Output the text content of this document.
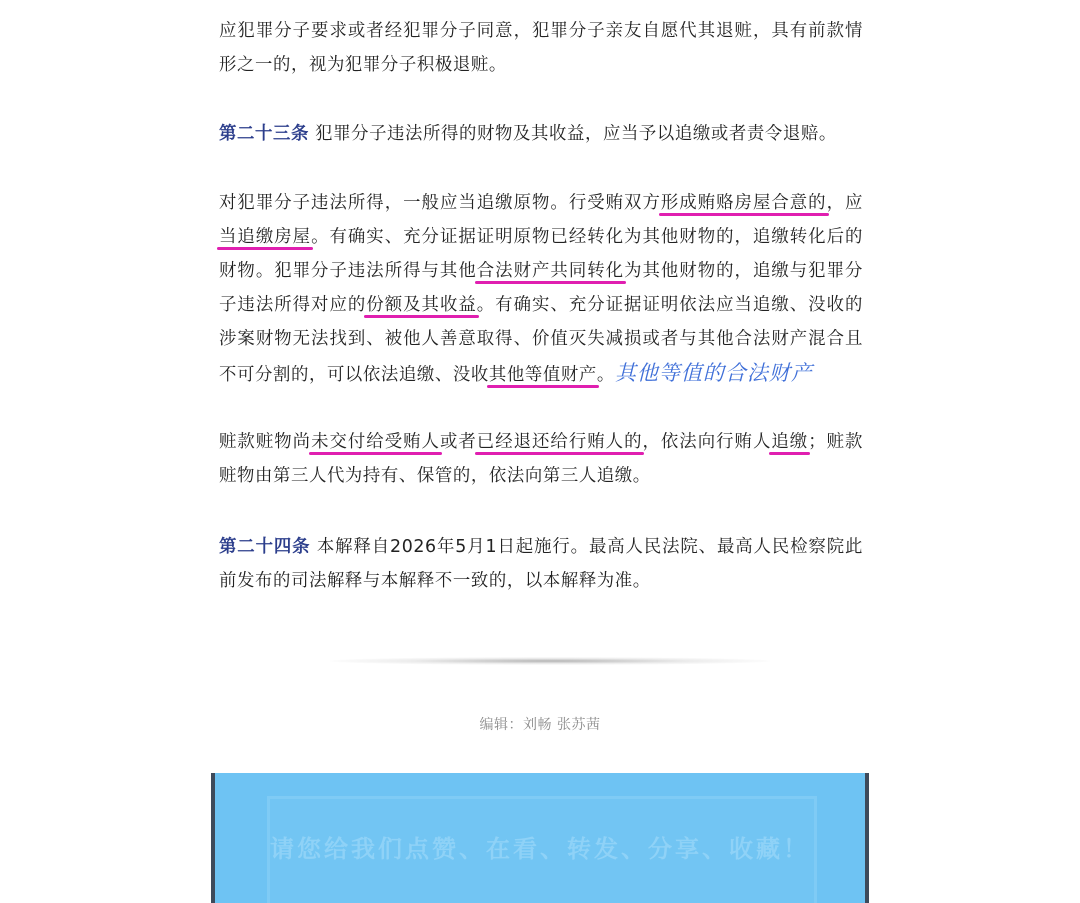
应犯罪分子要求或者经犯罪分子同意，犯罪分子亲友自愿代其退赃，具有前款情形之一的，视为犯罪分子积极退赃。

第二十三条 犯罪分子违法所得的财物及其收益，应当予以追缴或者责令退赔。

对犯罪分子违法所得，一般应当追缴原物。行受贿双方形成贿赂房屋合意的，应当追缴房屋。有确实、充分证据证明原物已经转化为其他财物的，追缴转化后的财物。犯罪分子违法所得与其他合法财产共同转化为其他财物的，追缴与犯罪分子违法所得对应的份额及其收益。有确实、充分证据证明依法应当追缴、没收的涉案财物无法找到、被他人善意取得、价值灭失减损或者与其他合法财产混合且不可分割的，可以依法追缴、没收其他等值财产。其他等值的合法财产

赃款赃物尚未交付给受贿人或者已经退还给行贿人的，依法向行贿人追缴；赃款赃物由第三人代为持有、保管的，依法向第三人追缴。

第二十四条 本解释自2026年5月1日起施行。最高人民法院、最高人民检察院此前发布的司法解释与本解释不一致的，以本解释为准。

编辑：刘畅 张苏茜
请您给我们点赞、在看、转发、分享、收藏！
